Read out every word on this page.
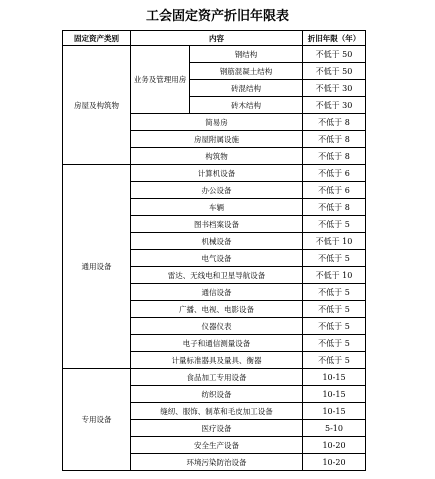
工会固定资产折旧年限表
固定资产类别	内容		折旧年限（年）
房屋及构筑物	业务及管理用房	钢结构	不低于 50
		钢筋混凝土结构	不低于 50
		砖混结构	不低于 30
		砖木结构	不低于 30
	简易房		不低于 8
	房屋附属设施		不低于 8
	构筑物		不低于 8
通用设备	计算机设备		不低于 6
	办公设备		不低于 6
	车辆		不低于 8
	图书档案设备		不低于 5
	机械设备		不低于 10
	电气设备		不低于 5
	雷达、无线电和卫星导航设备		不低于 10
	通信设备		不低于 5
	广播、电视、电影设备		不低于 5
	仪器仪表		不低于 5
	电子和通信测量设备		不低于 5
	计量标准器具及量具、衡器		不低于 5
专用设备	食品加工专用设备		10-15
	纺织设备		10-15
	缝纫、服饰、制革和毛皮加工设备		10-15
	医疗设备		5-10
	安全生产设备		10-20
	环境污染防治设备		10-20
